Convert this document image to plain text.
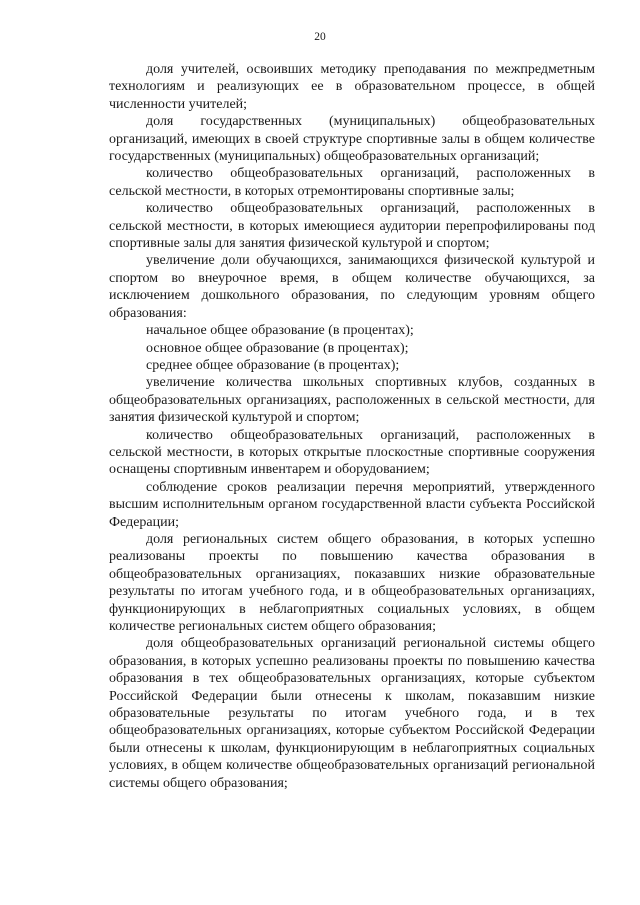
20

доля учителей, освоивших методику преподавания по межпредметным технологиям и реализующих ее в образовательном процессе, в общей численности учителей;

доля государственных (муниципальных) общеобразовательных организаций, имеющих в своей структуре спортивные залы в общем количестве государственных (муниципальных) общеобразовательных организаций;

количество общеобразовательных организаций, расположенных в сельской местности, в которых отремонтированы спортивные залы;

количество общеобразовательных организаций, расположенных в сельской местности, в которых имеющиеся аудитории перепрофилированы под спортивные залы для занятия физической культурой и спортом;

увеличение доли обучающихся, занимающихся физической культурой и спортом во внеурочное время, в общем количестве обучающихся, за исключением дошкольного образования, по следующим уровням общего образования:

начальное общее образование (в процентах);

основное общее образование (в процентах);

среднее общее образование (в процентах);

увеличение количества школьных спортивных клубов, созданных в общеобразовательных организациях, расположенных в сельской местности, для занятия физической культурой и спортом;

количество общеобразовательных организаций, расположенных в сельской местности, в которых открытые плоскостные спортивные сооружения оснащены спортивным инвентарем и оборудованием;

соблюдение сроков реализации перечня мероприятий, утвержденного высшим исполнительным органом государственной власти субъекта Российской Федерации;

доля региональных систем общего образования, в которых успешно реализованы проекты по повышению качества образования в общеобразовательных организациях, показавших низкие образовательные результаты по итогам учебного года, и в общеобразовательных организациях, функционирующих в неблагоприятных социальных условиях, в общем количестве региональных систем общего образования;

доля общеобразовательных организаций региональной системы общего образования, в которых успешно реализованы проекты по повышению качества образования в тех общеобразовательных организациях, которые субъектом Российской Федерации были отнесены к школам, показавшим низкие образовательные результаты по итогам учебного года, и в тех общеобразовательных организациях, которые субъектом Российской Федерации были отнесены к школам, функционирующим в неблагоприятных социальных условиях, в общем количестве общеобразовательных организаций региональной системы общего образования;
